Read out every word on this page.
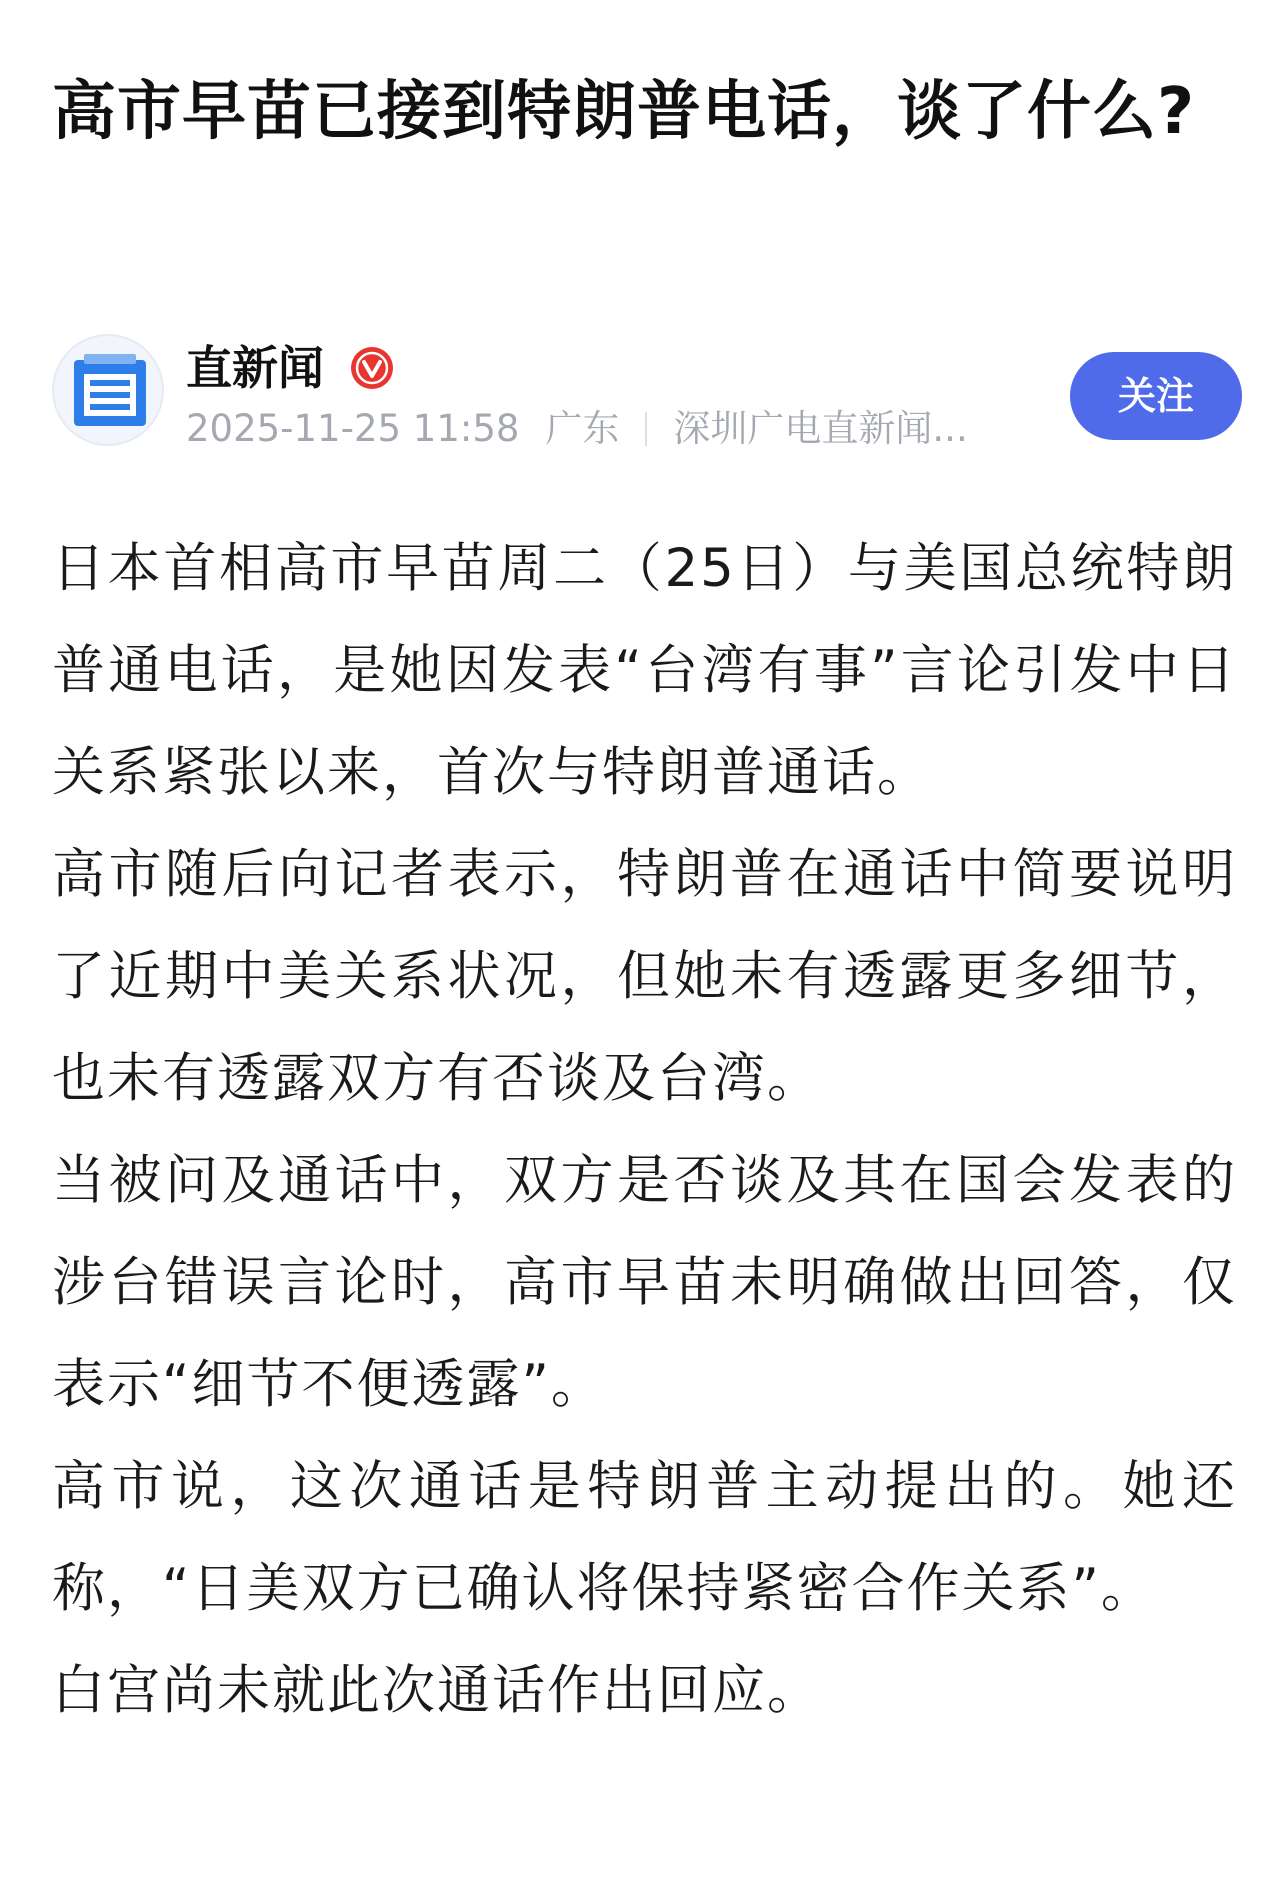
高市早苗已接到特朗普电话，谈了什么?
直新闻
2025-11-25 11:58 广东 深圳广电直新闻...
关注

日本首相高市早苗周二（25日）与美国总统特朗普通电话，是她因发表“台湾有事”言论引发中日关系紧张以来，首次与特朗普通话。

高市随后向记者表示，特朗普在通话中简要说明了近期中美关系状况，但她未有透露更多细节，也未有透露双方有否谈及台湾。

当被问及通话中，双方是否谈及其在国会发表的涉台错误言论时，高市早苗未明确做出回答，仅表示“细节不便透露”。

高市说，这次通话是特朗普主动提出的。她还称，“日美双方已确认将保持紧密合作关系”。

白宫尚未就此次通话作出回应。
